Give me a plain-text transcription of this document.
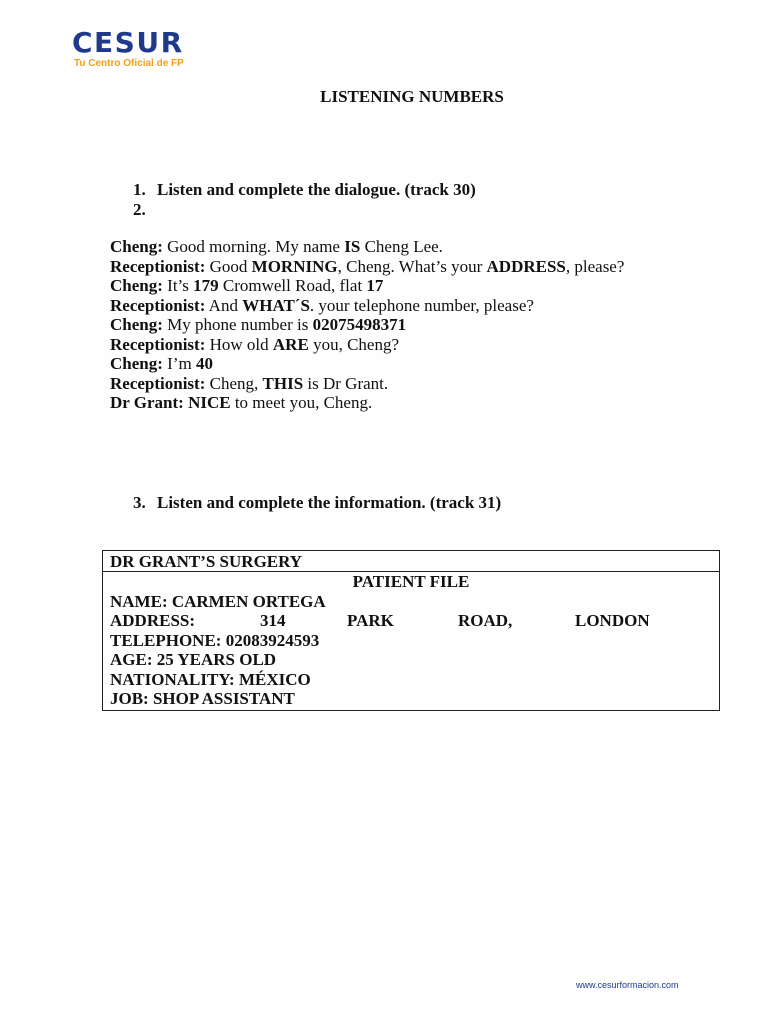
CESUR
Tu Centro Oficial de FP
LISTENING NUMBERS
1. Listen and complete the dialogue. (track 30)
2.
Cheng: Good morning. My name IS Cheng Lee.
Receptionist: Good MORNING, Cheng. What’s your ADDRESS, please?
Cheng: It’s 179 Cromwell Road, flat 17
Receptionist: And WHAT´S. your telephone number, please?
Cheng: My phone number is 02075498371
Receptionist: How old ARE you, Cheng?
Cheng: I’m 40
Receptionist: Cheng, THIS is Dr Grant.
Dr Grant: NICE to meet you, Cheng.
3. Listen and complete the information. (track 31)
DR GRANT’S SURGERY
PATIENT FILE
NAME: CARMEN ORTEGA
ADDRESS:	314	PARK	ROAD,	LONDON
TELEPHONE: 02083924593
AGE: 25 YEARS OLD
NATIONALITY: MÉXICO
JOB: SHOP ASSISTANT
www.cesurformacion.com
